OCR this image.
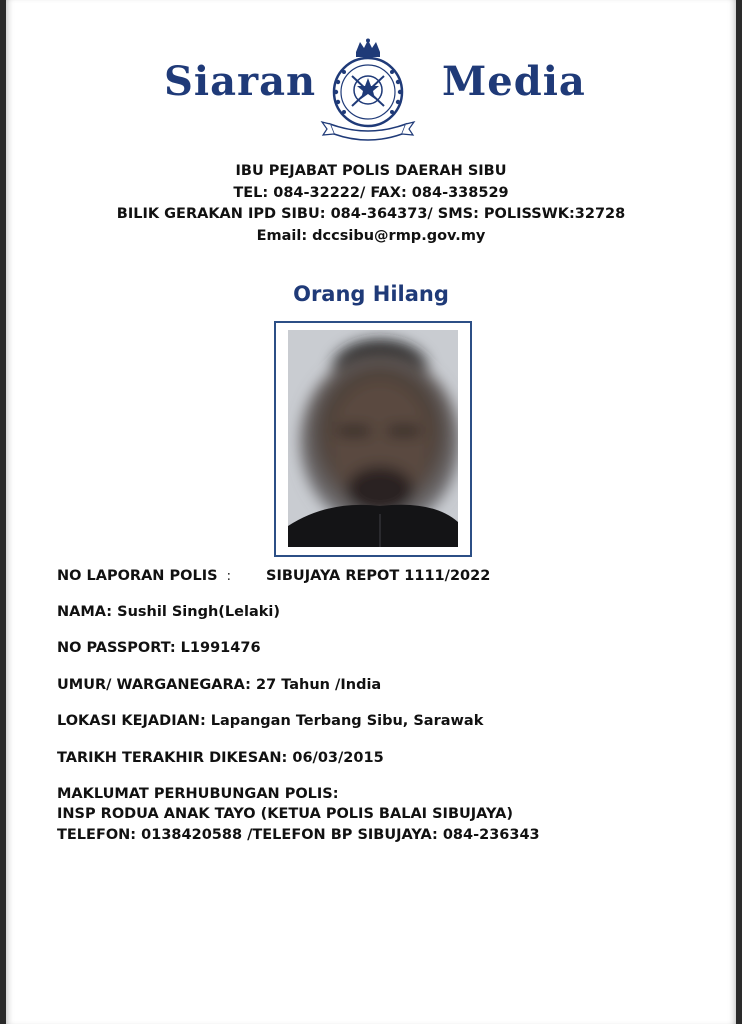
Siaran	Media
IBU PEJABAT POLIS DAERAH SIBU
TEL: 084-32222/ FAX: 084-338529
BILIK GERAKAN IPD SIBU: 084-364373/ SMS: POLISSWK:32728
Email: dccsibu@rmp.gov.my
Orang Hilang
NO LAPORAN POLIS : SIBUJAYA REPOT 1111/2022
NAMA: Sushil Singh(Lelaki)
NO PASSPORT: L1991476
UMUR/ WARGANEGARA: 27 Tahun /India
LOKASI KEJADIAN: Lapangan Terbang Sibu, Sarawak
TARIKH TERAKHIR DIKESAN: 06/03/2015
MAKLUMAT PERHUBUNGAN POLIS:
INSP RODUA ANAK TAYO (KETUA POLIS BALAI SIBUJAYA)
TELEFON: 0138420588 /TELEFON BP SIBUJAYA: 084-236343
